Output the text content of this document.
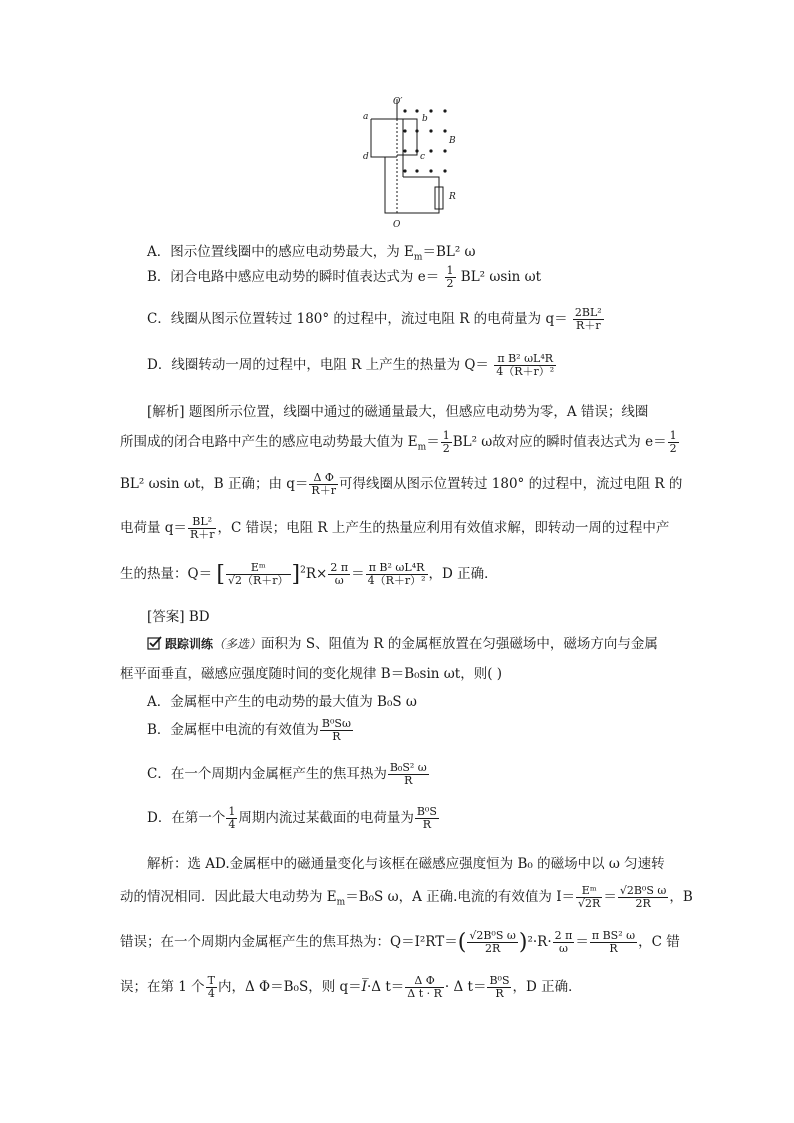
O′
a	b
c
d
B
R
O
A．图示位置线圈中的感应电动势最大，为 $E_m=BL^2$ ω
B．闭合电路中感应电动势的瞬时值表达式为 $e= \frac{1}{2} BL^2$ ωsin ωt
C．线圈从图示位置转过 180° 的过程中，流过电阻 R 的电荷量为 $q= \frac{\text{2BL²}}{R+r}$
D．线圈转动一周的过程中，电阻 R 上产生的热量为 $Q= \frac{\text{π B² ωL⁴R}}{\text{4（R＋r）²}}$
[解析] 题图所示位置，线圈中通过的磁通量最大，但感应电动势为零，A 错误；线圈
所围成的闭合电路中产生的感应电动势最大值为 $E_m= \frac{1}{2} BL^2$ ω故对应的瞬时值表达式为 $e= \frac{1}{2}$
BL² ωsin ωt，B 正确；由 $q= \frac{\text{Δ Φ}}{R+r}$ 可得线圈从图示位置转过 180° 的过程中，流过电阻 R 的
电荷量 $q= \frac{\text{BL²}}{R+r}$ ，C 错误；电阻 R 上产生的热量应利用有效值求解，即转动一周的过程中产
生的热量：Q＝ [ $\frac{\text{Eᵐ}}{√2(R+r)} ]^2R\times \frac{2 \pi}{\omega} = \frac{\text{π B² ωL⁴R}}{\text{4（R＋r）²}}$ ，D 正确．
[答案] BD
跟踪训练（多选）面积为 S、阻值为 R 的金属框放置在匀强磁场中，磁场方向与金属
框平面垂直，磁感应强度随时间的变化规律 B＝B₀sin ωt，则( )
A．金属框中产生的电动势的最大值为 B₀S ω
B．金属框中电流的有效值为 $\frac{\text{B⁰Sω}}{R}$
C．在一个周期内金属框产生的焦耳热为 $\frac{\text{B₀S² ω}}{R}$
D．在第一个 $\frac{1}{4}$ 周期内流过某截面的电荷量为 $\frac{\text{B⁰S}}{R}$
解析：选 AD.金属框中的磁通量变化与该框在磁感应强度恒为 B₀ 的磁场中以 ω 匀速转
动的情况相同．因此最大电动势为 $E_m=B_0S$ ω，A 正确.电流的有效值为 $I= \frac{\text{Eᵐ}}{√2R} = \frac{\text{√2B⁰S ω}}{2R}$ ，B
错误；在一个周期内金属框产生的焦耳热为：$Q=I^2RT=( \frac{\text{√2B⁰S ω}}{2R} )^2\cdot R\cdot \frac{2 \pi}{\omega} = \frac{\text{π BS² ω}}{R}$ ，C 错
误；在第 1 个 $\frac{T}{4}$ 内，Δ Φ＝B₀S，则 q＝I̅·Δ $t= \frac{\text{Δ Φ}}{\text{Δ t · R}} \cdot \Delta$ $t= \frac{\text{B⁰S}}{R}$ ，D 正确．
